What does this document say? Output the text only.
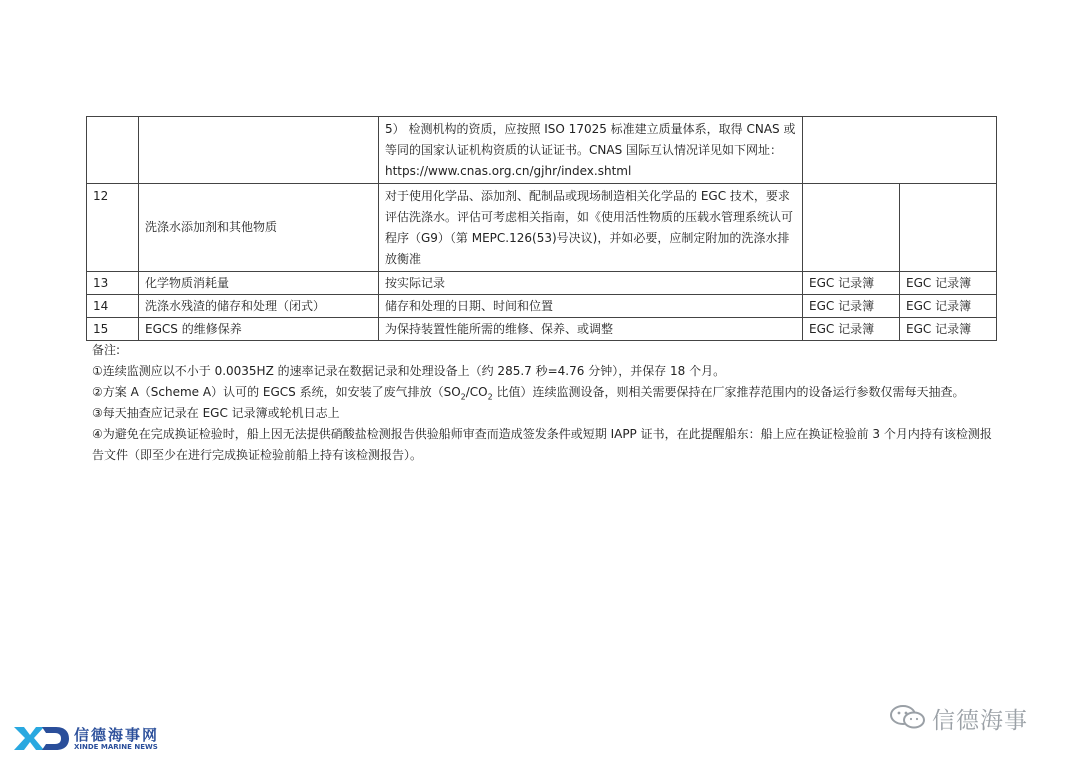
		5） 检测机构的资质，应按照 ISO 17025 标准建立质量体系，取得 CNAS 或等同的国家认证机构资质的认证证书。CNAS 国际互认情况详见如下网址：https://www.cnas.org.cn/gjhr/index.shtml		
12	洗涤水添加剂和其他物质	对于使用化学品、添加剂、配制品或现场制造相关化学品的 EGC 技术，要求评估洗涤水。评估可考虑相关指南，如《使用活性物质的压载水管理系统认可程序（G9）（第 MEPC.126(53)号决议)，并如必要，应制定附加的洗涤水排放衡准		
13	化学物质消耗量	按实际记录	EGC 记录簿	EGC 记录簿
14	洗涤水残渣的储存和处理（闭式）	储存和处理的日期、时间和位置	EGC 记录簿	EGC 记录簿
15	EGCS 的维修保养	为保持装置性能所需的维修、保养、或调整	EGC 记录簿	EGC 记录簿

备注:

①连续监测应以不小于 0.0035HZ 的速率记录在数据记录和处理设备上（约 285.7 秒=4.76 分钟），并保存 18 个月。

②方案 A（Scheme A）认可的 EGCS 系统，如安装了废气排放（$SO_2/CO_2$ 比值）连续监测设备，则相关需要保持在厂家推荐范围内的设备运行参数仅需每天抽查。

③每天抽查应记录在 EGC 记录簿或轮机日志上

④为避免在完成换证检验时，船上因无法提供硝酸盐检测报告供验船师审查而造成签发条件或短期 IAPP 证书，在此提醒船东：船上应在换证检验前 3 个月内持有该检测报告文件（即至少在进行完成换证检验前船上持有该检测报告）。

信德海事网
XINDE MARINE NEWS
信德海事
